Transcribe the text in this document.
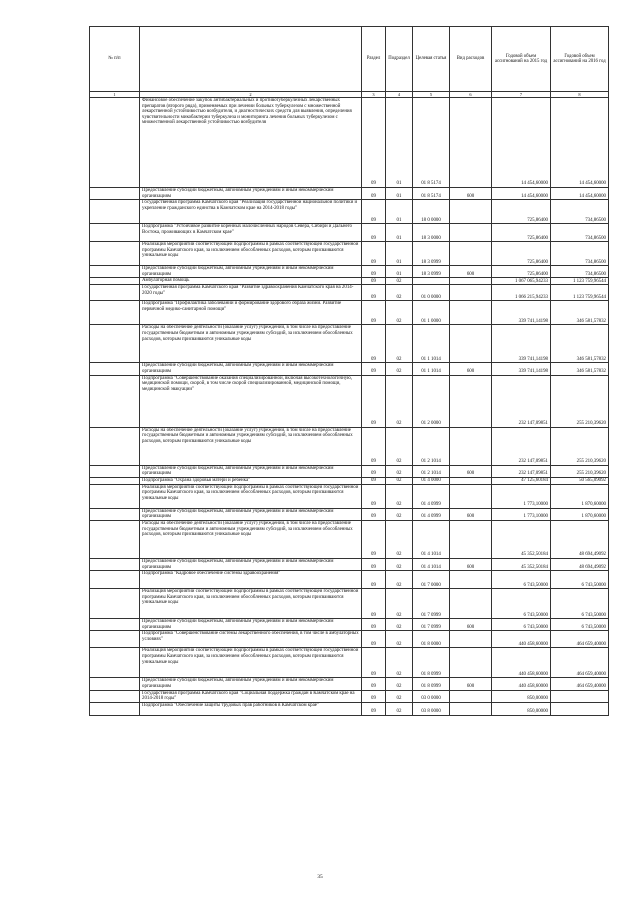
№ п/п		Раздел	Подраздел	Целевая статья	Вид расходов	Годовой объем ассигнований на 2015 год	Годовой объем ассигнований на 2016 год
1	2	3	4	5	6	7	8
	Финансовое обеспечение закупок антибактериальных и противотуберкулезных лекарственных препаратов (второго ряда), применяемых при лечении больных туберкулезом с множественной лекарственной устойчивостью возбудителя, и диагностических средств для выявления, определения чувствительности микобактерии туберкулеза и мониторинга лечения больных туберкулезом с множественной лекарственной устойчивостью возбудителя	09	01	01 8 5174		14 454,60000	14 454,60000
	Предоставление субсидий бюджетным, автономным учреждениям и иным некоммерческим организациям	09	01	01 8 5174	600	14 454,60000	14 454,60000
	Государственная программа Камчатского края "Реализация государственной национальной политики и укрепление гражданского единства в Камчатском крае на 2014-2018 годы"	09	01	18 0 0000		725,86400	734,86500
	Подпрограмма "Устойчивое развитие коренных малочисленных народов Севера, Сибири и Дальнего Востока, проживающих в Камчатском крае"	09	01	18 3 0000		725,86400	734,86500
	Реализация мероприятий соответствующей подпрограммы в рамках соответствующей государственной программы Камчатского края, за исключением обособленных расходов, которым присваиваются уникальные коды	09	01	18 3 0999		725,86400	734,86500
	Предоставление субсидий бюджетным, автономным учреждениям и иным некоммерческим организациям	09	01	18 3 0999	600	725,86400	734,86500
	Амбулаторная помощь	09	02			1 067 065,94233	1 123 759,96544
	Государственная программа Камчатского края "Развитие здравоохранения Камчатского края на 2014-2020 годы"	09	02	01 0 0000		1 066 215,94233	1 123 759,96544
	Подпрограмма "Профилактика заболеваний и формирование здорового образа жизни. Развитие первичной медико-санитарной помощи"	09	02	01 1 0000		339 741,14198	346 581,57832
	Расходы на обеспечение деятельности (оказание услуг) учреждений, в том числе на предоставление государственным бюджетным и автономным учреждениям субсидий, за исключением обособленных расходов, которым присваиваются уникальные коды	09	02	01 1 1014		339 741,14198	346 581,57832
	Предоставление субсидий бюджетным, автономным учреждениям и иным некоммерческим организациям	09	02	01 1 1014	600	339 741,14198	346 581,57832
	Подпрограмма "Совершенствование оказания специализированной, включая высокотехнологичную, медицинской помощи, скорой, в том числе скорой специализированной, медицинской помощи, медицинской эвакуации"	09	02	01 2 0000		232 147,09851	255 210,39620
	Расходы на обеспечение деятельности (оказание услуг) учреждений, в том числе на предоставление государственным бюджетным и автономным учреждениям субсидий, за исключением обособленных расходов, которым присваиваются уникальные коды	09	02	01 2 1014		232 147,09851	255 210,39620
	Предоставление субсидий бюджетным, автономным учреждениям и иным некоммерческим организациям	09	02	01 2 1014	600	232 147,09851	255 210,39620
	Подпрограмма "Охрана здоровья матери и ребенка"	09	02	01 4 0000		47 125,60184	50 565,09092
	Реализация мероприятий соответствующей подпрограммы в рамках соответствующей государственной программы Камчатского края, за исключением обособленных расходов, которым присваиваются уникальные коды	09	02	01 4 0999		1 773,10000	1 870,60000
	Предоставление субсидий бюджетным, автономным учреждениям и иным некоммерческим организациям	09	02	01 4 0999	600	1 773,10000	1 870,60000
	Расходы на обеспечение деятельности (оказание услуг) учреждений, в том числе на предоставление государственным бюджетным и автономным учреждениям субсидий, за исключением обособленных расходов, которым присваиваются уникальные коды	09	02	01 4 1014		45 352,50184	48 694,49092
	Предоставление субсидий бюджетным, автономным учреждениям и иным некоммерческим организациям	09	02	01 4 1014	600	45 352,50184	48 694,49092
	Подпрограмма "Кадровое обеспечение системы здравоохранения"	09	02	01 7 0000		6 743,50000	6 743,50000
	Реализация мероприятий соответствующей подпрограммы в рамках соответствующей государственной программы Камчатского края, за исключением обособленных расходов, которым присваиваются уникальные коды	09	02	01 7 0999		6 743,50000	6 743,50000
	Предоставление субсидий бюджетным, автономным учреждениям и иным некоммерческим организациям	09	02	01 7 0999	600	6 743,50000	6 743,50000
	Подпрограмма "Совершенствование системы лекарственного обеспечения, в том числе в амбулаторных условиях"	09	02	01 8 0000		440 458,60000	464 659,40000
	Реализация мероприятий соответствующей подпрограммы в рамках соответствующей государственной программы Камчатского края, за исключением обособленных расходов, которым присваиваются уникальные коды	09	02	01 8 0999		440 458,60000	464 659,40000
	Предоставление субсидий бюджетным, автономным учреждениям и иным некоммерческим организациям	09	02	01 8 0999	600	440 458,60000	464 659,40000
	Государственная программа Камчатского края "Социальная поддержка граждан в Камчатском крае на 2014-2018 годы"	09	02	03 0 0000		850,00000	
	Подпрограмма "Обеспечение защиты трудовых прав работников в Камчатском крае"	09	02	03 8 0000		850,00000	
35
